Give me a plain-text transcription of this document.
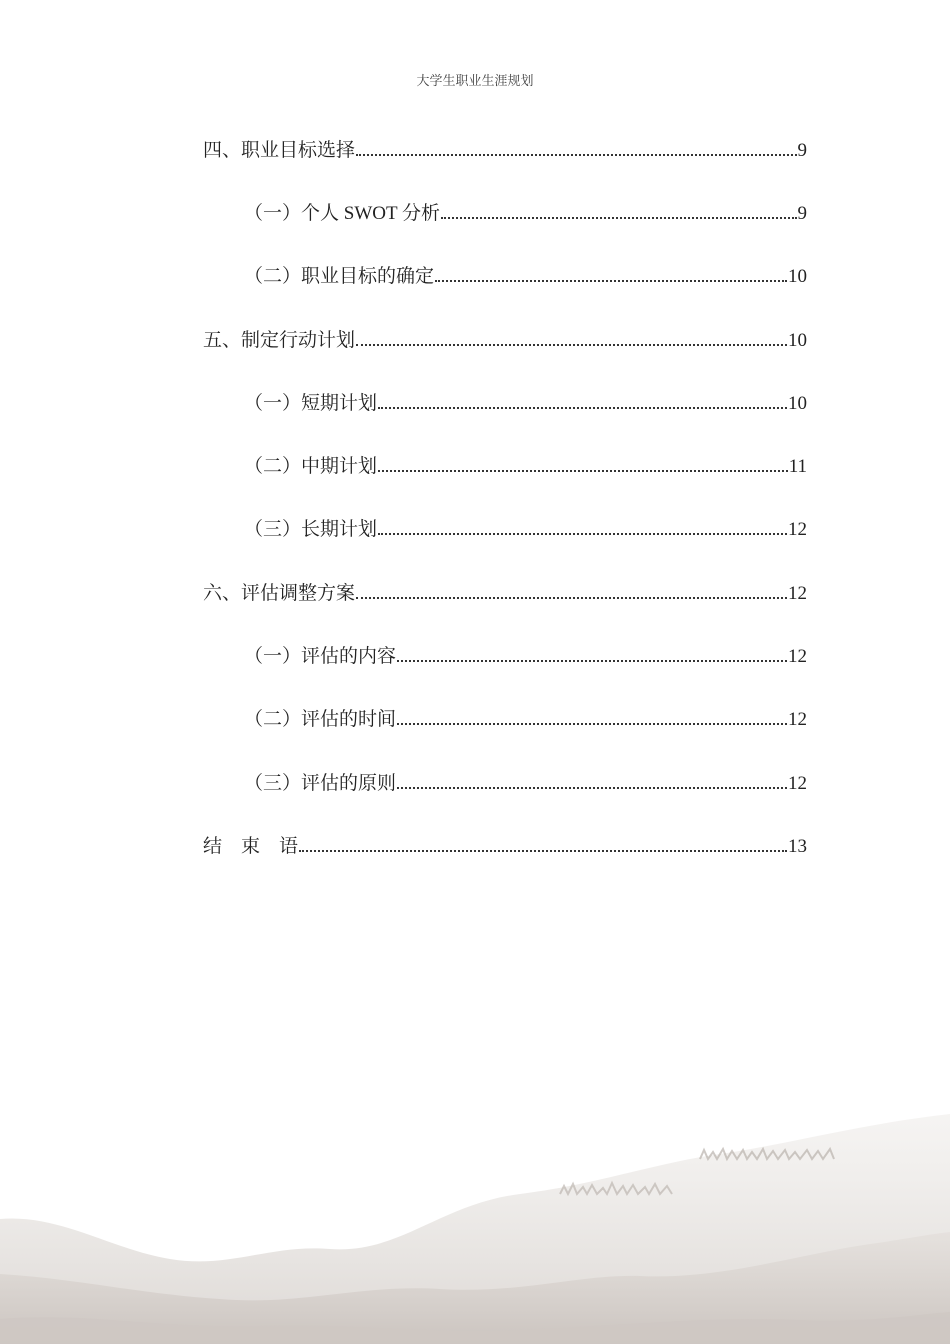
大学生职业生涯规划
四、职业目标选择	9
（一）个人 SWOT 分析	9
（二）职业目标的确定	10
五、制定行动计划	10
（一）短期计划	10
（二）中期计划	11
（三）长期计划	12
六、评估调整方案	12
（一）评估的内容	12
（二）评估的时间	12
（三）评估的原则	12
结　束　语	13
